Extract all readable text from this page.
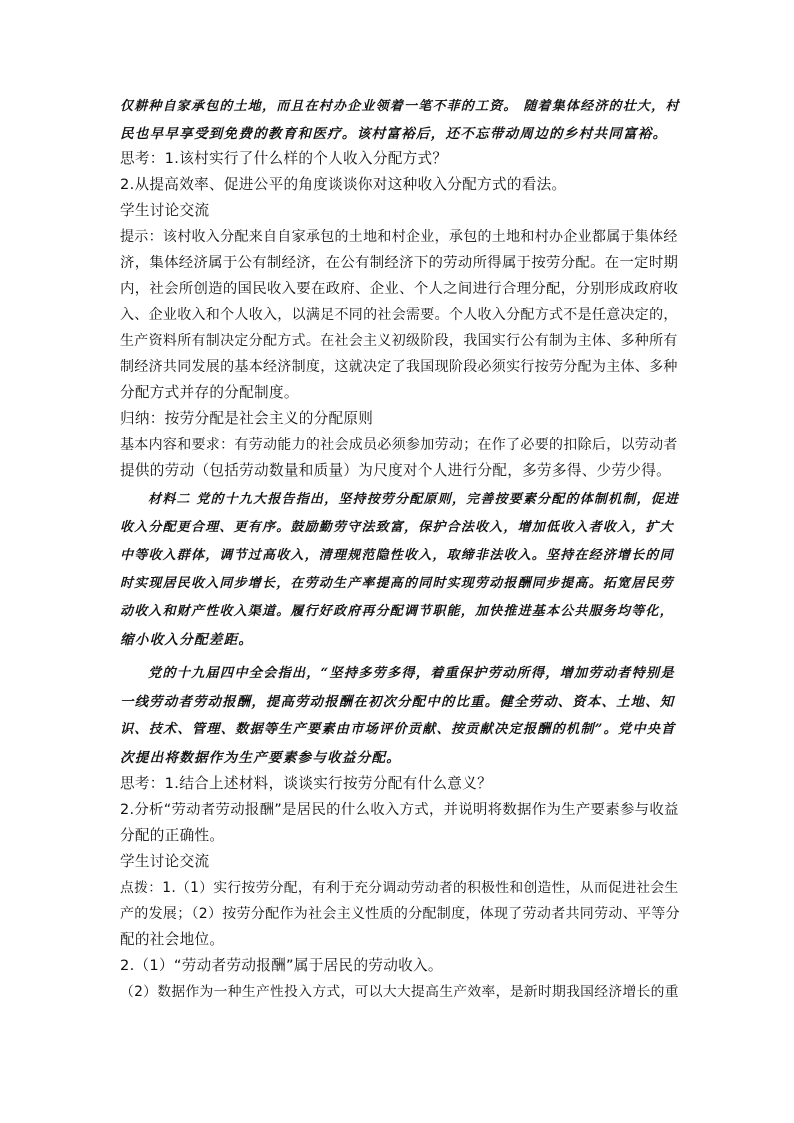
仅耕种自家承包的土地，而且在村办企业领着一笔不菲的工资。 随着集体经济的壮大，村
民也早早享受到免费的教育和医疗。该村富裕后，还不忘带动周边的乡村共同富裕。
思考：1.该村实行了什么样的个人收入分配方式？
2.从提高效率、促进公平的角度谈谈你对这种收入分配方式的看法。
学生讨论交流
提示：该村收入分配来自自家承包的土地和村企业，承包的土地和村办企业都属于集体经
济，集体经济属于公有制经济，在公有制经济下的劳动所得属于按劳分配。在一定时期
内，社会所创造的国民收入要在政府、企业、个人之间进行合理分配，分别形成政府收
入、企业收入和个人收入，以满足不同的社会需要。个人收入分配方式不是任意决定的，
生产资料所有制决定分配方式。在社会主义初级阶段，我国实行公有制为主体、多种所有
制经济共同发展的基本经济制度，这就决定了我国现阶段必须实行按劳分配为主体、多种
分配方式并存的分配制度。
归纳：按劳分配是社会主义的分配原则
基本内容和要求：有劳动能力的社会成员必须参加劳动；在作了必要的扣除后，以劳动者
提供的劳动（包括劳动数量和质量）为尺度对个人进行分配，多劳多得、少劳少得。
材料二 党的十九大报告指出，坚持按劳分配原则，完善按要素分配的体制机制，促进
收入分配更合理、更有序。鼓励勤劳守法致富，保护合法收入，增加低收入者收入，扩大
中等收入群体，调节过高收入，清理规范隐性收入，取缔非法收入。坚持在经济增长的同
时实现居民收入同步增长，在劳动生产率提高的同时实现劳动报酬同步提高。拓宽居民劳
动收入和财产性收入渠道。履行好政府再分配调节职能，加快推进基本公共服务均等化，
缩小收入分配差距。
党的十九届四中全会指出，“坚持多劳多得，着重保护劳动所得，增加劳动者特别是
一线劳动者劳动报酬，提高劳动报酬在初次分配中的比重。健全劳动、资本、土地、知
识、技术、管理、数据等生产要素由市场评价贡献、按贡献决定报酬的机制”。党中央首
次提出将数据作为生产要素参与收益分配。
思考：1.结合上述材料，谈谈实行按劳分配有什么意义？
2.分析“劳动者劳动报酬”是居民的什么收入方式，并说明将数据作为生产要素参与收益
分配的正确性。
学生讨论交流
点拨：1.（1）实行按劳分配，有利于充分调动劳动者的积极性和创造性，从而促进社会生
产的发展；（2）按劳分配作为社会主义性质的分配制度，体现了劳动者共同劳动、平等分
配的社会地位。
2.（1）“劳动者劳动报酬”属于居民的劳动收入。
（2）数据作为一种生产性投入方式，可以大大提高生产效率，是新时期我国经济增长的重
